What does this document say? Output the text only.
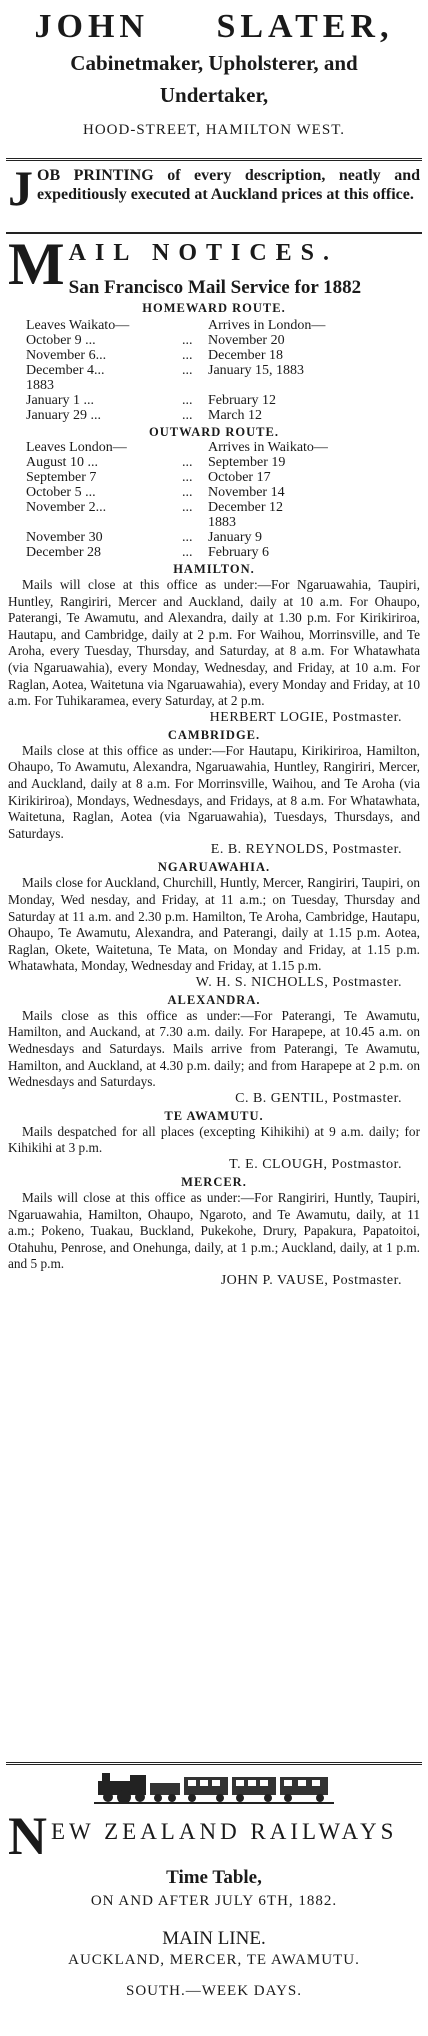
JOHN SLATER,
Cabinetmaker, Upholsterer, and
Undertaker,
HOOD-STREET, HAMILTON WEST.
J OB PRINTING of every description, neatly and expeditiously executed at Auckland prices at this office.
M AIL NOTICES.
San Francisco Mail Service for 1882
HOMEWARD ROUTE.
Leaves Waikato—		Arrives in London—
October 9 ...	...	November 20
November 6...	...	December 18
December 4...	...	January 15, 1883
1883		
January 1 ...	...	February 12
January 29 ...	...	March 12
OUTWARD ROUTE.
Leaves London—		Arrives in Waikato—
August 10 ...	...	September 19
September 7	...	October 17
October 5 ...	...	November 14
November 2...	...	December 12
		1883
November 30	...	January 9
December 28	...	February 6
HAMILTON.
Mails will close at this office as under:—For Ngaruawahia, Taupiri, Huntley, Rangiriri, Mercer and Auckland, daily at 10 a.m. For Ohaupo, Paterangi, Te Awamutu, and Alexandra, daily at 1.30 p.m. For Kirikiriroa, Hautapu, and Cambridge, daily at 2 p.m. For Waihou, Morrinsville, and Te Aroha, every Tuesday, Thursday, and Saturday, at 8 a.m. For Whatawhata (via Ngaruawahia), every Monday, Wednesday, and Friday, at 10 a.m. For Raglan, Aotea, Waitetuna via Ngaruawahia), every Monday and Friday, at 10 a.m. For Tuhikaramea, every Saturday, at 2 p.m.
HERBERT LOGIE, Postmaster.
CAMBRIDGE.
Mails close at this office as under:—For Hautapu, Kirikiriroa, Hamilton, Ohaupo, To Awamutu, Alexandra, Ngaruawahia, Huntley, Rangiriri, Mercer, and Auckland, daily at 8 a.m. For Morrinsville, Waihou, and Te Aroha (via Kirikiriroa), Mondays, Wednesdays, and Fridays, at 8 a.m. For Whatawhata, Waitetuna, Raglan, Aotea (via Ngaruawahia), Tuesdays, Thursdays, and Saturdays.
E. B. REYNOLDS, Postmaster.
NGARUAWAHIA.
Mails close for Auckland, Churchill, Huntly, Mercer, Rangiriri, Taupiri, on Monday, Wed nesday, and Friday, at 11 a.m.; on Tuesday, Thursday and Saturday at 11 a.m. and 2.30 p.m. Hamilton, Te Aroha, Cambridge, Hautapu, Ohaupo, Te Awamutu, Alexandra, and Paterangi, daily at 1.15 p.m. Aotea, Raglan, Okete, Waitetuna, Te Mata, on Monday and Friday, at 1.15 p.m. Whatawhata, Monday, Wednesday and Friday, at 1.15 p.m.
W. H. S. NICHOLLS, Postmaster.
ALEXANDRA.
Mails close as this office as under:—For Paterangi, Te Awamutu, Hamilton, and Auckand, at 7.30 a.m. daily. For Harapepe, at 10.45 a.m. on Wednesdays and Saturdays. Mails arrive from Paterangi, Te Awamutu, Hamilton, and Auckland, at 4.30 p.m. daily; and from Harapepe at 2 p.m. on Wednesdays and Saturdays.
C. B. GENTIL, Postmaster.
TE AWAMUTU.
Mails despatched for all places (excepting Kihikihi) at 9 a.m. daily; for Kihikihi at 3 p.m.
T. E. CLOUGH, Postmastor.
MERCER.
Mails will close at this office as under:—For Rangiriri, Huntly, Taupiri, Ngaruawahia, Hamilton, Ohaupo, Ngaroto, and Te Awamutu, daily, at 11 a.m.; Pokeno, Tuakau, Buckland, Pukekohe, Drury, Papakura, Papatoitoi, Otahuhu, Penrose, and Onehunga, daily, at 1 p.m.; Auckland, daily, at 1 p.m. and 5 p.m.
JOHN P. VAUSE, Postmaster.
N EW ZEALAND RAILWAYS
Time Table,
ON AND AFTER JULY 6TH, 1882.
MAIN LINE.
AUCKLAND, MERCER, TE AWAMUTU.
SOUTH.—WEEK DAYS.
